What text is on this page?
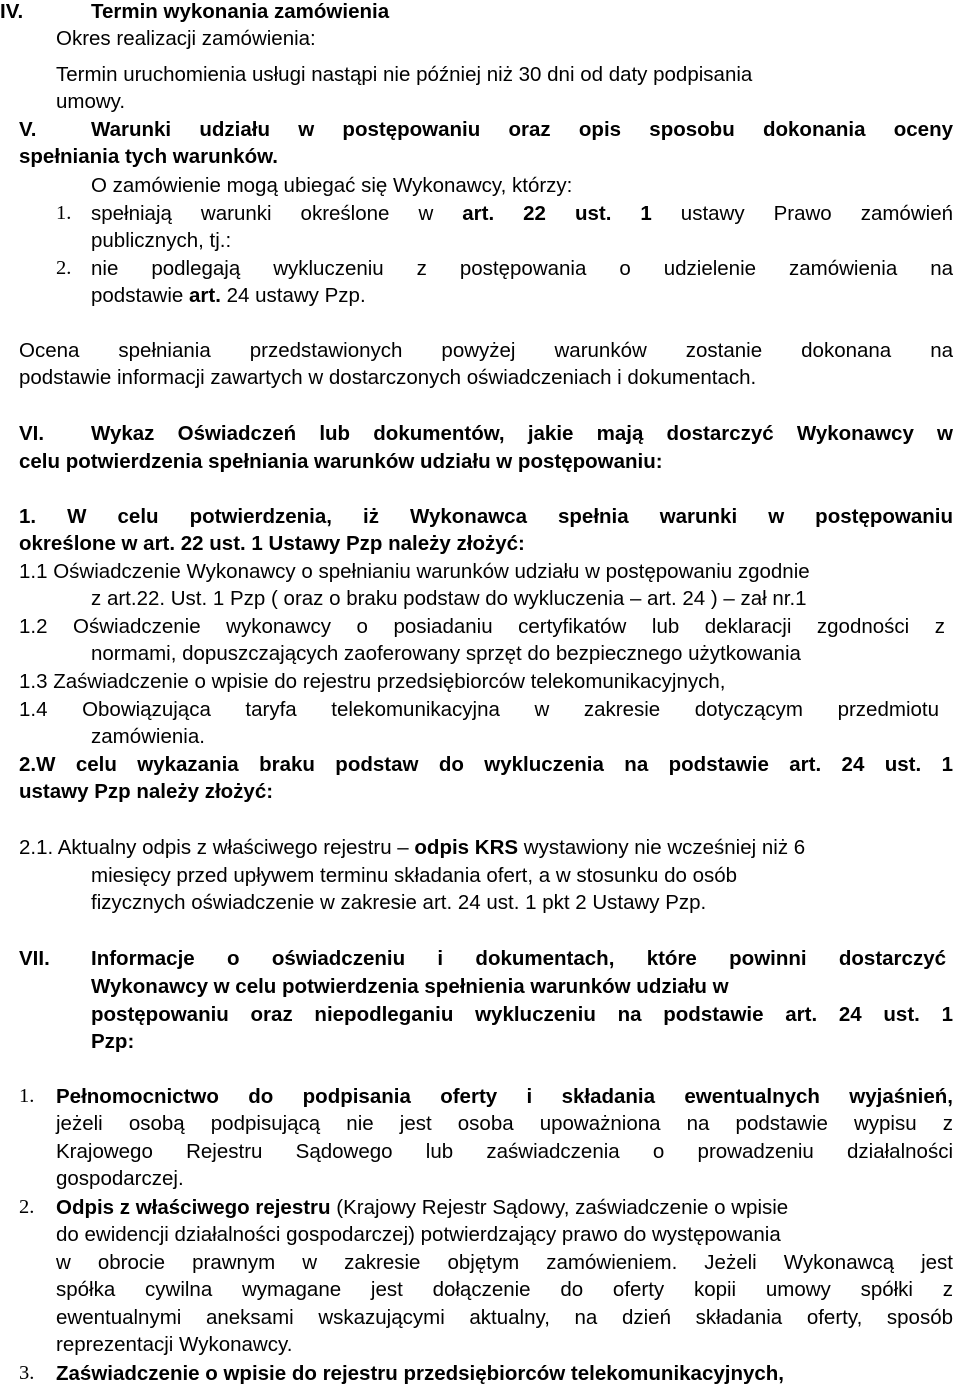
IV.	Termin wykonania zamówienia
Okres realizacji zamówienia:
Termin uruchomienia usługi nastąpi nie później niż 30 dni od daty podpisania
umowy.
V.	Warunki udziału w postępowaniu oraz opis sposobu dokonania oceny
spełniania tych warunków.
O zamówienie mogą ubiegać się Wykonawcy, którzy:
1. spełniają warunki określone w art. 22 ust. 1 ustawy Prawo zamówień
publicznych, tj.:
2. nie podlegają wykluczeniu z postępowania o udzielenie zamówienia na
podstawie art. 24 ustawy Pzp.
Ocena spełniania przedstawionych powyżej warunków zostanie dokonana na
podstawie informacji zawartych w dostarczonych oświadczeniach i dokumentach.
VI. Wykaz Oświadczeń lub dokumentów, jakie mają dostarczyć Wykonawcy w
celu potwierdzenia spełniania warunków udziału w postępowaniu:
1. W celu potwierdzenia, iż Wykonawca spełnia warunki w postępowaniu
określone w art. 22 ust. 1 Ustawy Pzp należy złożyć:
1.1 Oświadczenie Wykonawcy o spełnianiu warunków udziału w postępowaniu zgodnie
z art.22. Ust. 1 Pzp ( oraz o braku podstaw do wykluczenia – art. 24 ) – zał nr.1
1.2 Oświadczenie wykonawcy o posiadaniu certyfikatów lub deklaracji zgodności z
normami, dopuszczających zaoferowany sprzęt do bezpiecznego użytkowania
1.3 Zaświadczenie o wpisie do rejestru przedsiębiorców telekomunikacyjnych,
1.4 Obowiązująca taryfa telekomunikacyjna w zakresie dotyczącym przedmiotu
zamówienia.
2.W celu wykazania braku podstaw do wykluczenia na podstawie art. 24 ust. 1
ustawy Pzp należy złożyć:
2.1. Aktualny odpis z właściwego rejestru – odpis KRS wystawiony nie wcześniej niż 6
miesięcy przed upływem terminu składania ofert, a w stosunku do osób
fizycznych oświadczenie w zakresie art. 24 ust. 1 pkt 2 Ustawy Pzp.
VII. Informacje o oświadczeniu i dokumentach, które powinni dostarczyć
Wykonawcy w celu potwierdzenia spełnienia warunków udziału w
postępowaniu oraz niepodleganiu wykluczeniu na podstawie art. 24 ust. 1
Pzp:
1. Pełnomocnictwo do podpisania oferty i składania ewentualnych wyjaśnień,
jeżeli osobą podpisującą nie jest osoba upoważniona na podstawie wypisu z
Krajowego Rejestru Sądowego lub zaświadczenia o prowadzeniu działalności
gospodarczej.
2. Odpis z właściwego rejestru (Krajowy Rejestr Sądowy, zaświadczenie o wpisie
do ewidencji działalności gospodarczej) potwierdzający prawo do występowania
w obrocie prawnym w zakresie objętym zamówieniem. Jeżeli Wykonawcą jest
spółka cywilna wymagane jest dołączenie do oferty kopii umowy spółki z
ewentualnymi aneksami wskazującymi aktualny, na dzień składania oferty, sposób
reprezentacji Wykonawcy.
3. Zaświadczenie o wpisie do rejestru przedsiębiorców telekomunikacyjnych,
